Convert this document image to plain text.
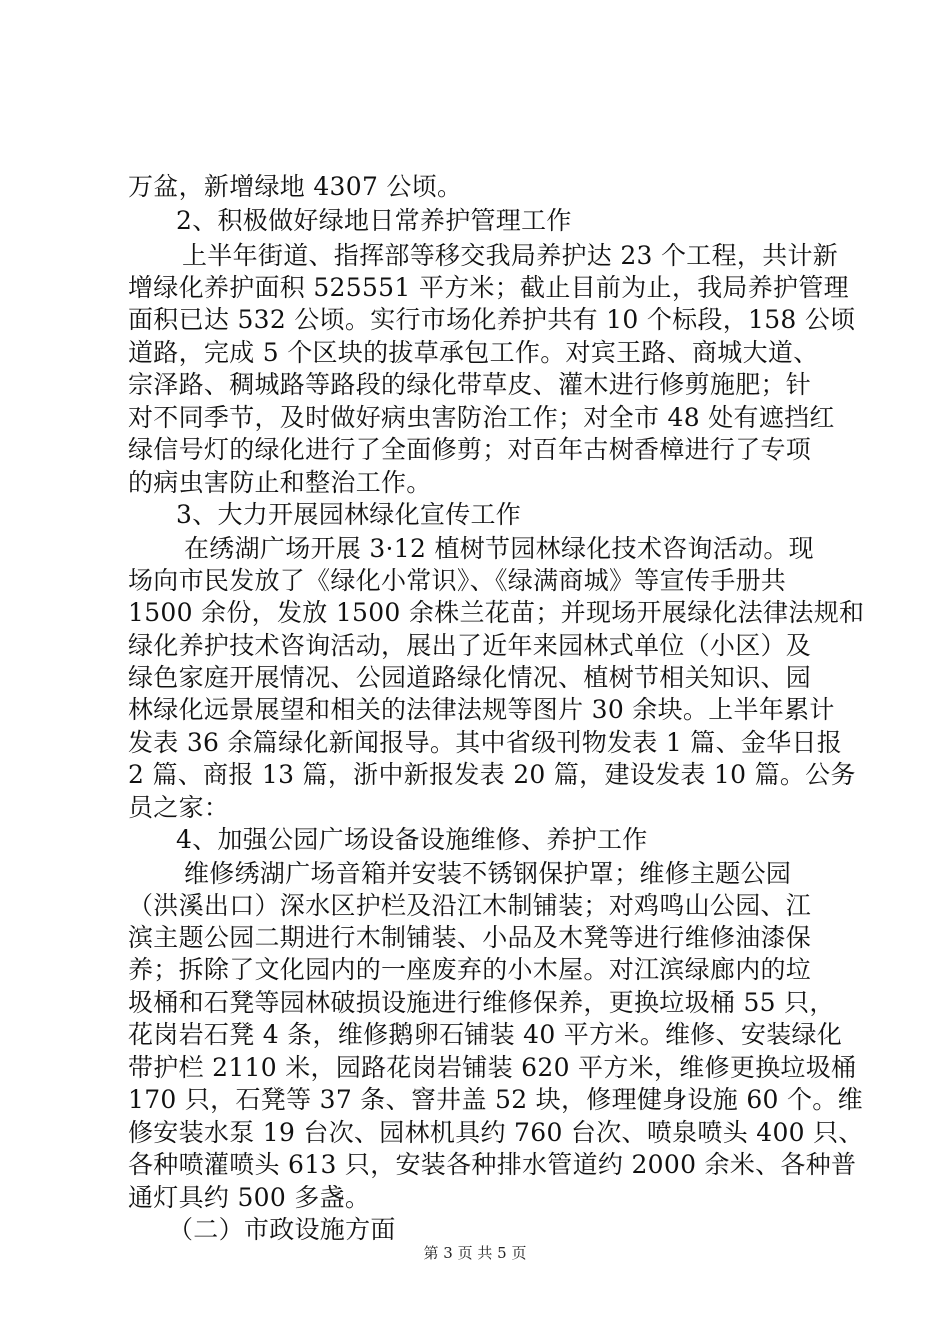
万盆，新增绿地 4307 公顷。
2、积极做好绿地日常养护管理工作
上半年街道、指挥部等移交我局养护达 23 个工程，共计新
增绿化养护面积 525551 平方米；截止目前为止，我局养护管理
面积已达 532 公顷。实行市场化养护共有 10 个标段，158 公顷
道路，完成 5 个区块的拔草承包工作。对宾王路、商城大道、
宗泽路、稠城路等路段的绿化带草皮、灌木进行修剪施肥；针
对不同季节，及时做好病虫害防治工作；对全市 48 处有遮挡红
绿信号灯的绿化进行了全面修剪；对百年古树香樟进行了专项
的病虫害防止和整治工作。
3、大力开展园林绿化宣传工作
在绣湖广场开展 3·12 植树节园林绿化技术咨询活动。现
场向市民发放了《绿化小常识》、《绿满商城》等宣传手册共
1500 余份，发放 1500 余株兰花苗；并现场开展绿化法律法规和
绿化养护技术咨询活动，展出了近年来园林式单位（小区）及
绿色家庭开展情况、公园道路绿化情况、植树节相关知识、园
林绿化远景展望和相关的法律法规等图片 30 余块。上半年累计
发表 36 余篇绿化新闻报导。其中省级刊物发表 1 篇、金华日报
2 篇、商报 13 篇，浙中新报发表 20 篇，建设发表 10 篇。公务
员之家：
4、加强公园广场设备设施维修、养护工作
维修绣湖广场音箱并安装不锈钢保护罩；维修主题公园
（洪溪出口）深水区护栏及沿江木制铺装；对鸡鸣山公园、江
滨主题公园二期进行木制铺装、小品及木凳等进行维修油漆保
养；拆除了文化园内的一座废弃的小木屋。对江滨绿廊内的垃
圾桶和石凳等园林破损设施进行维修保养，更换垃圾桶 55 只，
花岗岩石凳 4 条，维修鹅卵石铺装 40 平方米。维修、安装绿化
带护栏 2110 米，园路花岗岩铺装 620 平方米，维修更换垃圾桶
170 只，石凳等 37 条、窨井盖 52 块，修理健身设施 60 个。维
修安装水泵 19 台次、园林机具约 760 台次、喷泉喷头 400 只、
各种喷灌喷头 613 只，安装各种排水管道约 2000 余米、各种普
通灯具约 500 多盏。
（二）市政设施方面
第 3 页 共 5 页
